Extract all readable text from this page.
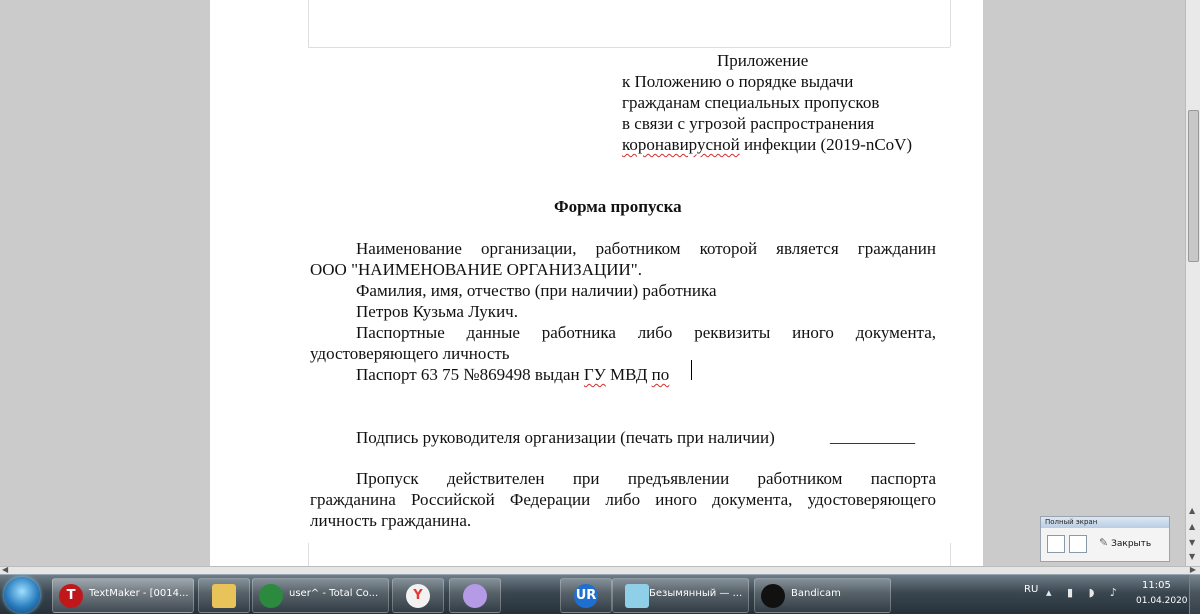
Приложение
к Положению о порядке выдачи
гражданам специальных пропусков
в связи с угрозой распространения
коронавирусной инфекции (2019-nCoV)
Форма пропуска
Наименование организации, работником которой является гражданин
ООО "НАИМЕНОВАНИЕ ОРГАНИЗАЦИИ".
Фамилия, имя, отчество (при наличии) работника
Петров Кузьма Лукич.
Паспортные данные работника либо реквизиты иного документа,
удостоверяющего личность
Паспорт 63 75 №869498 выдан ГУ МВД по
Подпись руководителя организации (печать при наличии)	__________
Пропуск действителен при предъявлении работником паспорта
гражданина Российской Федерации либо иного документа, удостоверяющего
личность гражданина.
▲
▲
▼
▼
Полный экран
✎ Закрыть
◀	▶
T	TextMaker - [0014...	user^ - Total Co...	Y	UR	Безымянный — ...	Bandicam	RU ▴ ▮ ◗ ♪
11:05
01.04.2020
